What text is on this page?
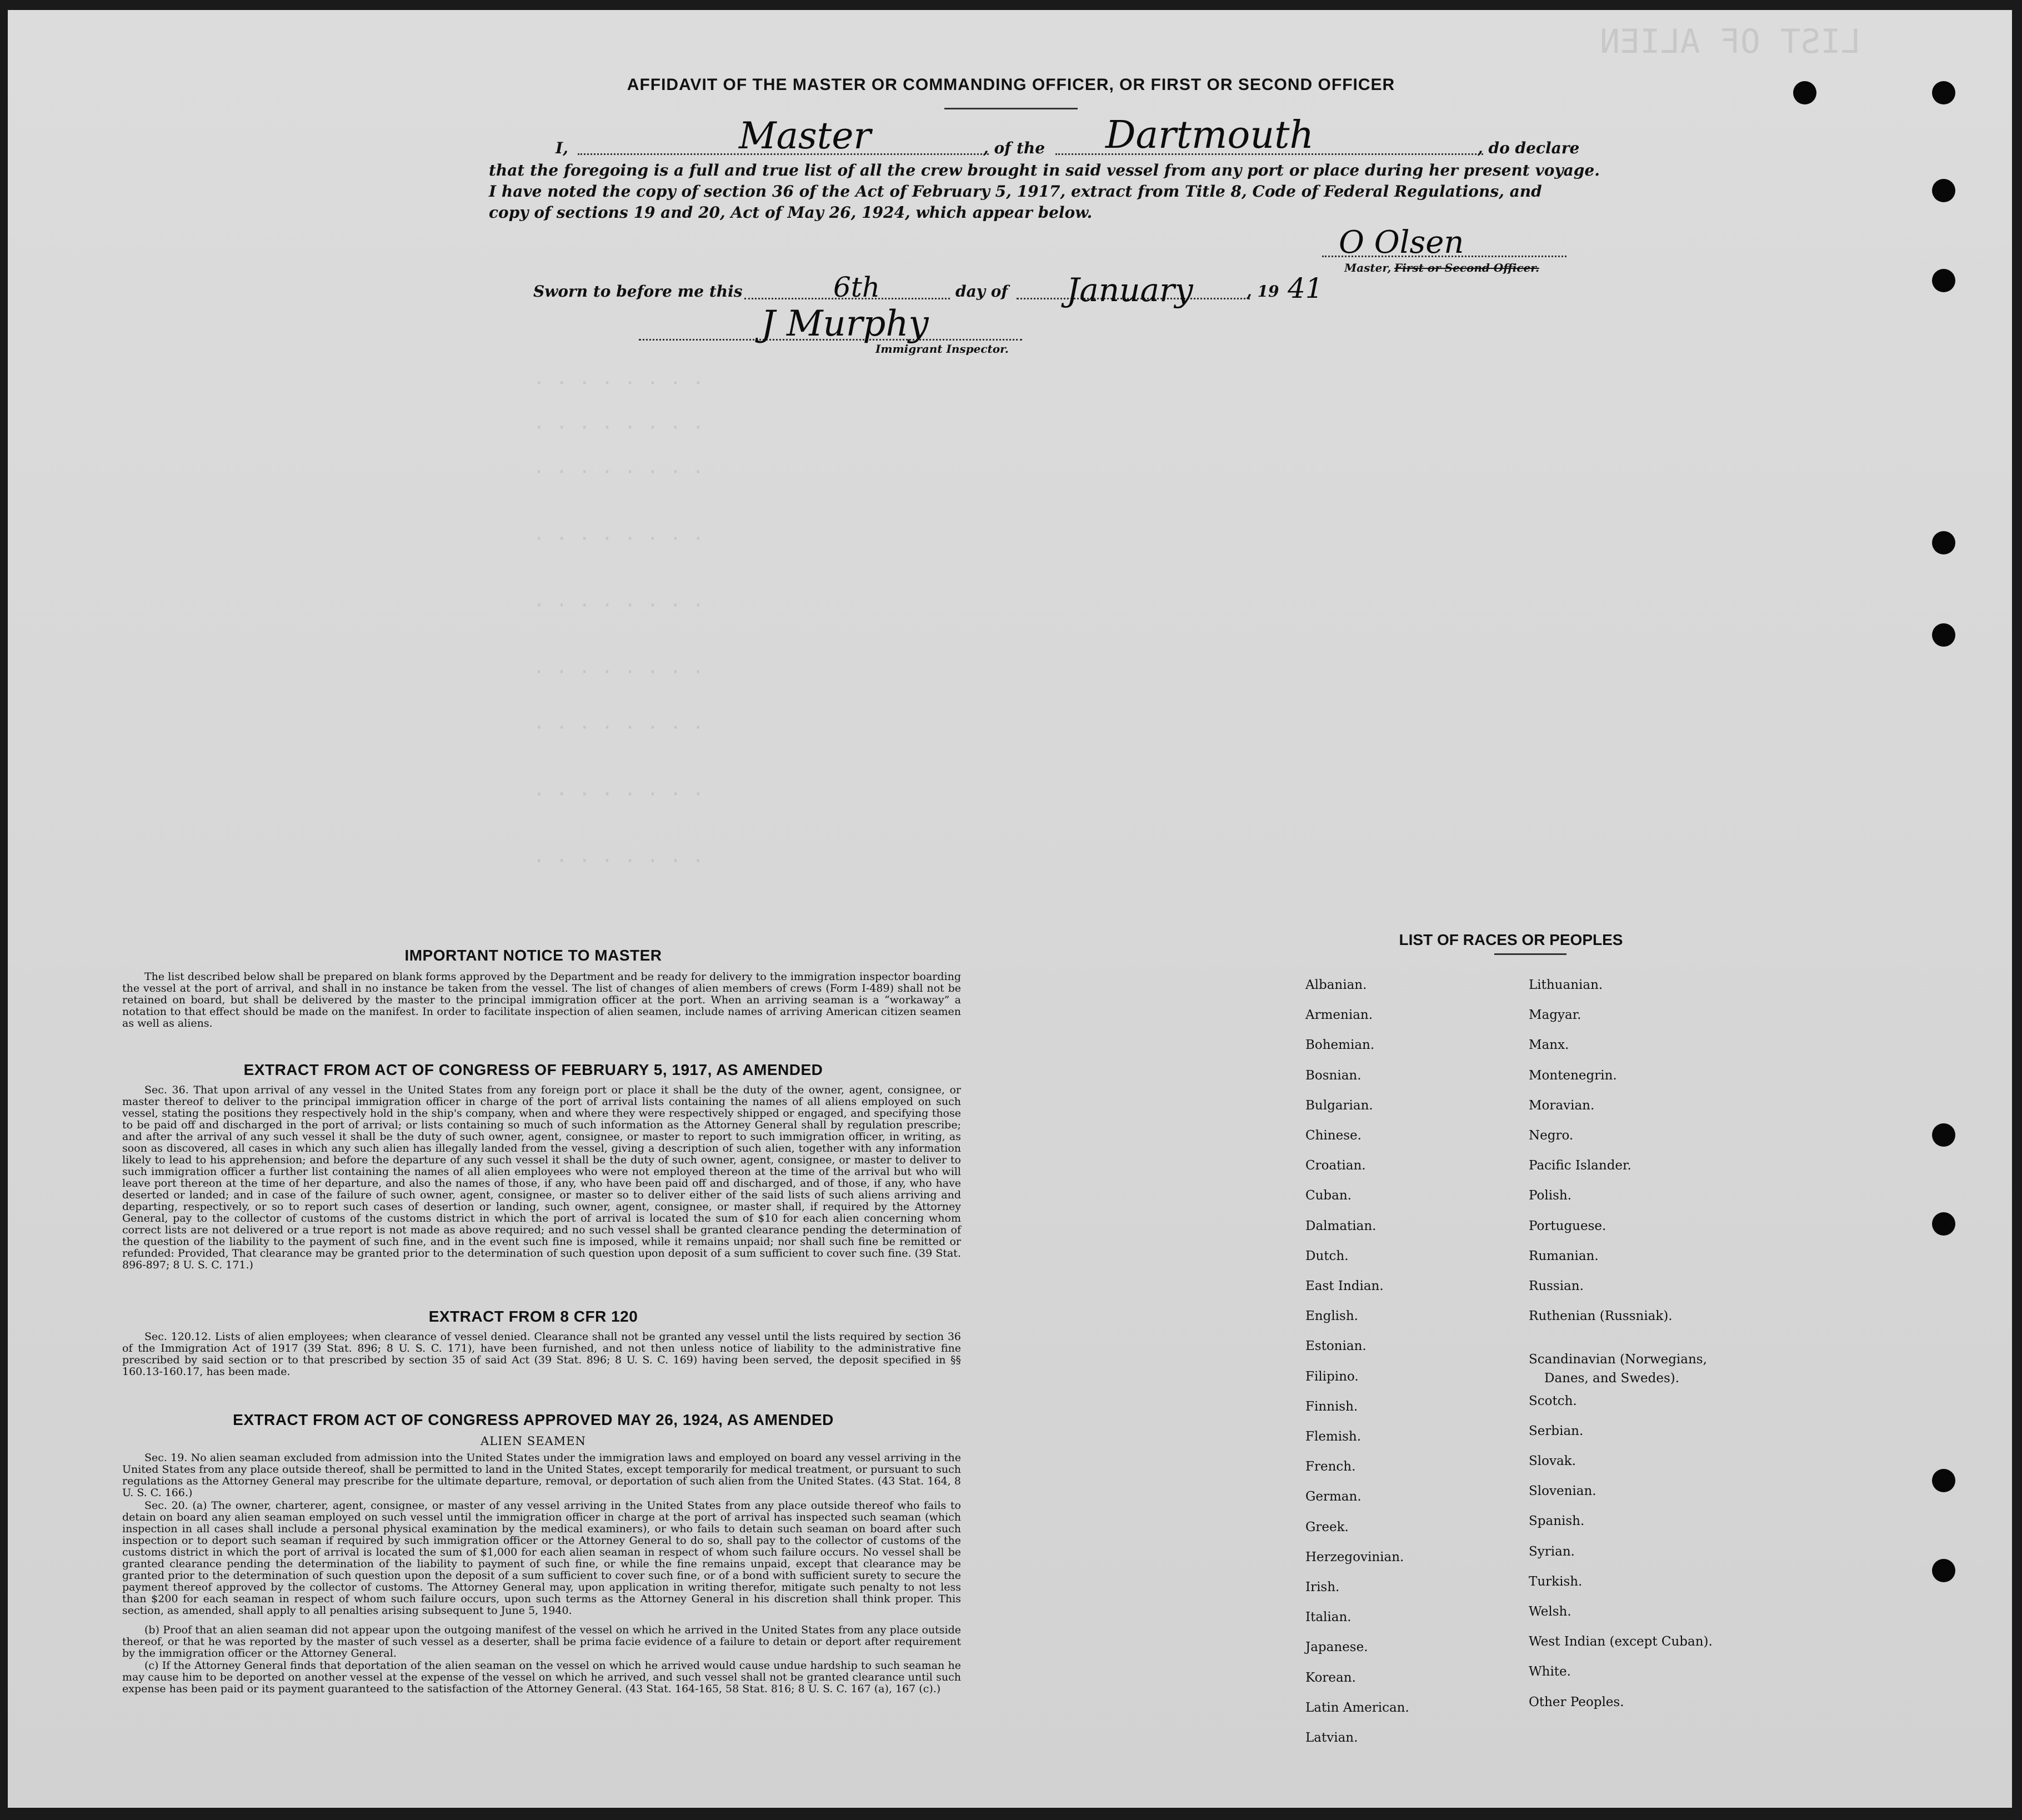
LIST OF ALIEN
· · · · · · · ·
· · · · · · · ·
· · · · · · · ·
· · · · · · · ·
· · · · · · · ·
· · · · · · · ·
· · · · · · · ·
· · · · · · · ·
· · · · · · · ·
AFFIDAVIT OF THE MASTER OR COMMANDING OFFICER, OR FIRST OR SECOND OFFICER
I,	Master	, of the Dartmouth	, do declare
that the foregoing is a full and true list of all the crew brought in said vessel from any port or place during her present voyage.
I have noted the copy of section 36 of the Act of February 5, 1917, extract from Title 8, Code of Federal Regulations, and
copy of sections 19 and 20, Act of May 26, 1924, which appear below.
O Olsen
Master, First or Second Officer.
Sworn to before me this	6th	day of January	, 19 41
J Murphy
Immigrant Inspector.
IMPORTANT NOTICE TO MASTER
The list described below shall be prepared on blank forms approved by the Department and be ready for delivery to the immigration inspector boarding the vessel at the port of arrival, and shall in no instance be taken from the vessel. The list of changes of alien members of crews (Form I-489) shall not be retained on board, but shall be delivered by the master to the principal immigration officer at the port. When an arriving seaman is a “workaway” a notation to that effect should be made on the manifest. In order to facilitate inspection of alien seamen, include names of arriving American citizen seamen as well as aliens.
EXTRACT FROM ACT OF CONGRESS OF FEBRUARY 5, 1917, AS AMENDED
Sec. 36. That upon arrival of any vessel in the United States from any foreign port or place it shall be the duty of the owner, agent, consignee, or master thereof to deliver to the principal immigration officer in charge of the port of arrival lists containing the names of all aliens employed on such vessel, stating the positions they respectively hold in the ship's company, when and where they were respectively shipped or engaged, and specifying those to be paid off and discharged in the port of arrival; or lists containing so much of such information as the Attorney General shall by regulation prescribe; and after the arrival of any such vessel it shall be the duty of such owner, agent, consignee, or master to report to such immigration officer, in writing, as soon as discovered, all cases in which any such alien has illegally landed from the vessel, giving a description of such alien, together with any information likely to lead to his apprehension; and before the departure of any such vessel it shall be the duty of such owner, agent, consignee, or master to deliver to such immigration officer a further list containing the names of all alien employees who were not employed thereon at the time of the arrival but who will leave port thereon at the time of her departure, and also the names of those, if any, who have been paid off and discharged, and of those, if any, who have deserted or landed; and in case of the failure of such owner, agent, consignee, or master so to deliver either of the said lists of such aliens arriving and departing, respectively, or so to report such cases of desertion or landing, such owner, agent, consignee, or master shall, if required by the Attorney General, pay to the collector of customs of the customs district in which the port of arrival is located the sum of $10 for each alien concerning whom correct lists are not delivered or a true report is not made as above required; and no such vessel shall be granted clearance pending the determination of the question of the liability to the payment of such fine, and in the event such fine is imposed, while it remains unpaid; nor shall such fine be remitted or refunded: Provided, That clearance may be granted prior to the determination of such question upon deposit of a sum sufficient to cover such fine. (39 Stat. 896-897; 8 U. S. C. 171.)
EXTRACT FROM 8 CFR 120
Sec. 120.12. Lists of alien employees; when clearance of vessel denied. Clearance shall not be granted any vessel until the lists required by section 36 of the Immigration Act of 1917 (39 Stat. 896; 8 U. S. C. 171), have been furnished, and not then unless notice of liability to the administrative fine prescribed by said section or to that prescribed by section 35 of said Act (39 Stat. 896; 8 U. S. C. 169) having been served, the deposit specified in §§ 160.13-160.17, has been made.
EXTRACT FROM ACT OF CONGRESS APPROVED MAY 26, 1924, AS AMENDED
ALIEN SEAMEN
Sec. 19. No alien seaman excluded from admission into the United States under the immigration laws and employed on board any vessel arriving in the United States from any place outside thereof, shall be permitted to land in the United States, except temporarily for medical treatment, or pursuant to such regulations as the Attorney General may prescribe for the ultimate departure, removal, or deportation of such alien from the United States. (43 Stat. 164, 8 U. S. C. 166.)
Sec. 20. (a) The owner, charterer, agent, consignee, or master of any vessel arriving in the United States from any place outside thereof who fails to detain on board any alien seaman employed on such vessel until the immigration officer in charge at the port of arrival has inspected such seaman (which inspection in all cases shall include a personal physical examination by the medical examiners), or who fails to detain such seaman on board after such inspection or to deport such seaman if required by such immigration officer or the Attorney General to do so, shall pay to the collector of customs of the customs district in which the port of arrival is located the sum of $1,000 for each alien seaman in respect of whom such failure occurs. No vessel shall be granted clearance pending the determination of the liability to payment of such fine, or while the fine remains unpaid, except that clearance may be granted prior to the determination of such question upon the deposit of a sum sufficient to cover such fine, or of a bond with sufficient surety to secure the payment thereof approved by the collector of customs. The Attorney General may, upon application in writing therefor, mitigate such penalty to not less than $200 for each seaman in respect of whom such failure occurs, upon such terms as the Attorney General in his discretion shall think proper. This section, as amended, shall apply to all penalties arising subsequent to June 5, 1940.
(b) Proof that an alien seaman did not appear upon the outgoing manifest of the vessel on which he arrived in the United States from any place outside thereof, or that he was reported by the master of such vessel as a deserter, shall be prima facie evidence of a failure to detain or deport after requirement by the immigration officer or the Attorney General.
(c) If the Attorney General finds that deportation of the alien seaman on the vessel on which he arrived would cause undue hardship to such seaman he may cause him to be deported on another vessel at the expense of the vessel on which he arrived, and such vessel shall not be granted clearance until such expense has been paid or its payment guaranteed to the satisfaction of the Attorney General. (43 Stat. 164-165, 58 Stat. 816; 8 U. S. C. 167 (a), 167 (c).)
LIST OF RACES OR PEOPLES
Albanian.
Armenian.
Bohemian.
Bosnian.
Bulgarian.
Chinese.
Croatian.
Cuban.
Dalmatian.
Dutch.
East Indian.
English.
Estonian.
Filipino.
Finnish.
Flemish.
French.
German.
Greek.
Herzegovinian.
Irish.
Italian.
Japanese.
Korean.
Latin American.
Latvian.
Lithuanian.
Magyar.
Manx.
Montenegrin.
Moravian.
Negro.
Pacific Islander.
Polish.
Portuguese.
Rumanian.
Russian.
Ruthenian (Russniak).
Scandinavian (Norwegians,
Danes, and Swedes).
Scotch.
Serbian.
Slovak.
Slovenian.
Spanish.
Syrian.
Turkish.
Welsh.
West Indian (except Cuban).
White.
Other Peoples.
